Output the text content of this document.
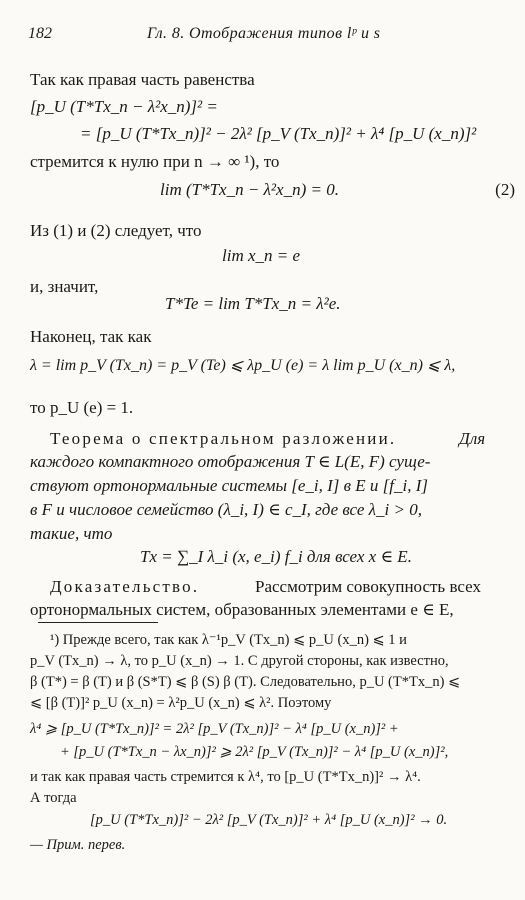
182	Гл. 8. Отображения типов lᵖ и s
Так как правая часть равенства
[p_U (T*Tx_n − λ²x_n)]² =
= [p_U (T*Tx_n)]² − 2λ² [p_V (Tx_n)]² + λ⁴ [p_U (x_n)]²
стремится к нулю при n → ∞ ¹), то
lim (T*Tx_n − λ²x_n) = 0.	(2)
Из (1) и (2) следует, что
lim x_n = e
и, значит,
T*Te = lim T*Tx_n = λ²e.
Наконец, так как
λ = lim p_V (Tx_n) = p_V (Te) ⩽ λp_U (e) = λ lim p_U (x_n) ⩽ λ,
то p_U (e) = 1.
Теорема о спектральном разложении.	Для
каждого компактного отображения T ∈ L(E, F) суще-
ствуют ортонормальные системы [e_i, I] в E и [f_i, I]
в F и числовое семейство (λ_i, I) ∈ c_I, где все λ_i > 0,
такие, что
Tx = ∑_I λ_i (x, e_i) f_i для всех x ∈ E.
Доказательство.	Рассмотрим совокупность всех
ортонормальных систем, образованных элементами e ∈ E,
¹) Прежде всего, так как λ⁻¹p_V (Tx_n) ⩽ p_U (x_n) ⩽ 1 и
p_V (Tx_n) → λ, то p_U (x_n) → 1. С другой стороны, как известно,
β (T*) = β (T) и β (S*T) ⩽ β (S) β (T). Следовательно, p_U (T*Tx_n) ⩽
⩽ [β (T)]² p_U (x_n) = λ²p_U (x_n) ⩽ λ². Поэтому
λ⁴ ⩾ [p_U (T*Tx_n)]² = 2λ² [p_V (Tx_n)]² − λ⁴ [p_U (x_n)]² +
+ [p_U (T*Tx_n − λx_n)]² ⩾ 2λ² [p_V (Tx_n)]² − λ⁴ [p_U (x_n)]²,
и так как правая часть стремится к λ⁴, то [p_U (T*Tx_n)]² → λ⁴.
А тогда
[p_U (T*Tx_n)]² − 2λ² [p_V (Tx_n)]² + λ⁴ [p_U (x_n)]² → 0.
— Прим. перев.
